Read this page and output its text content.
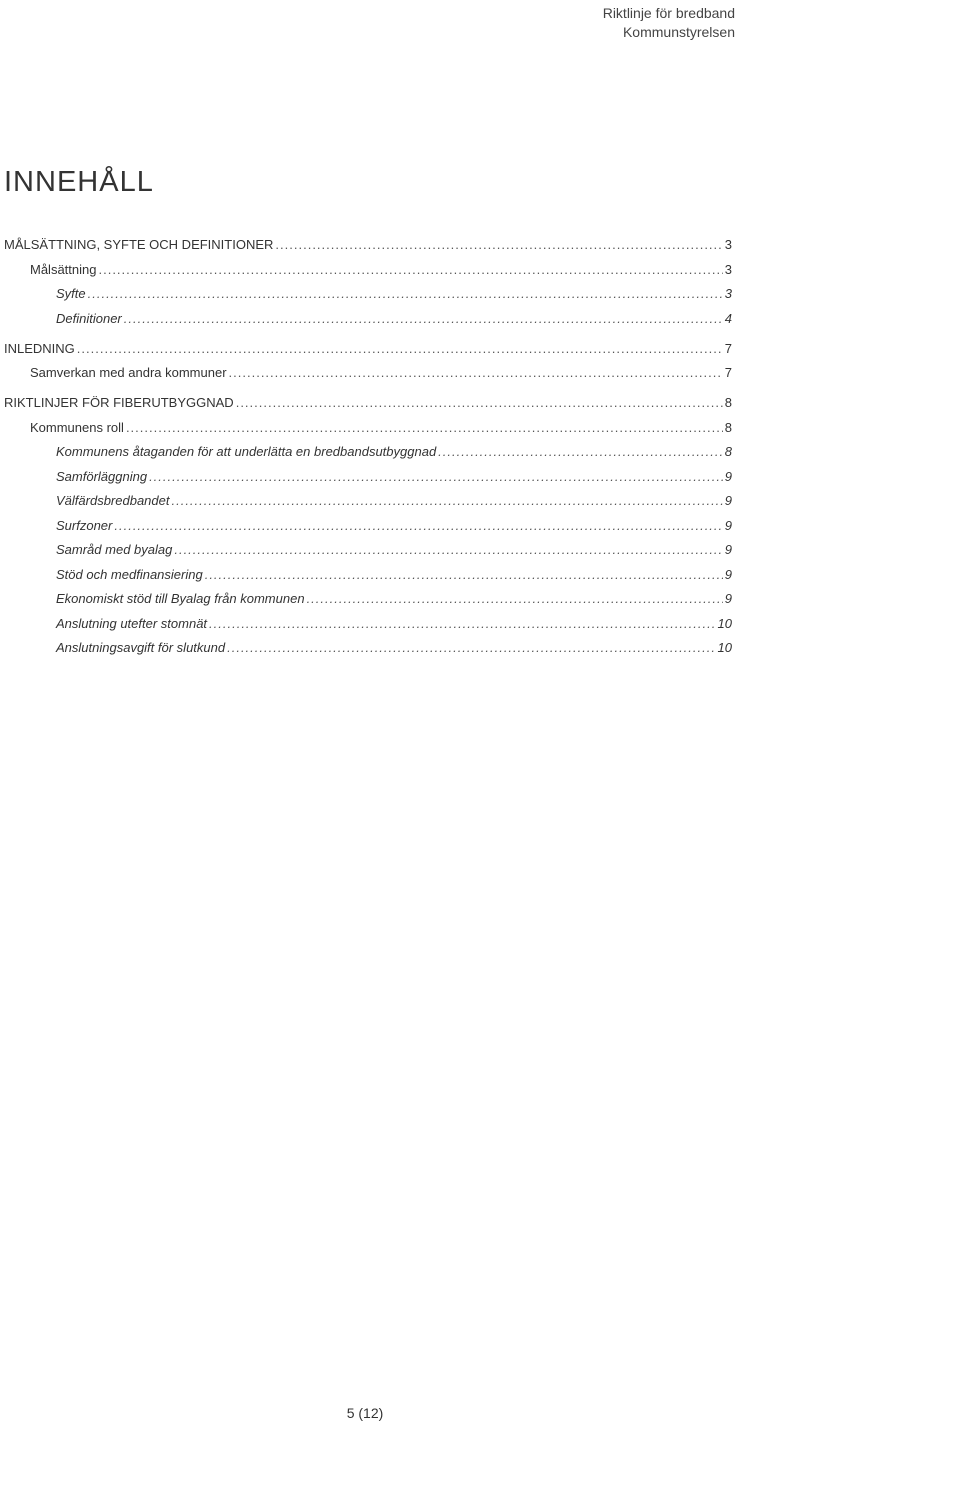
Riktlinje för bredband
Kommunstyrelsen
INNEHÅLL
MÅLSÄTTNING, SYFTE OCH DEFINITIONER .....	3
Målsättning .....	3
Syfte .....	3
Definitioner .....	4
INLEDNING .....	7
Samverkan med andra kommuner .....	7
RIKTLINJER FÖR FIBERUTBYGGNAD .....	8
Kommunens roll .....	8
Kommunens åtaganden för att underlätta en bredbandsutbyggnad .....	8
Samförläggning .....	9
Välfärdsbredbandet .....	9
Surfzoner .....	9
Samråd med byalag .....	9
Stöd och medfinansiering .....	9
Ekonomiskt stöd till Byalag från kommunen .....	9
Anslutning utefter stomnät .....	10
Anslutningsavgift för slutkund .....	10
5 (12)
